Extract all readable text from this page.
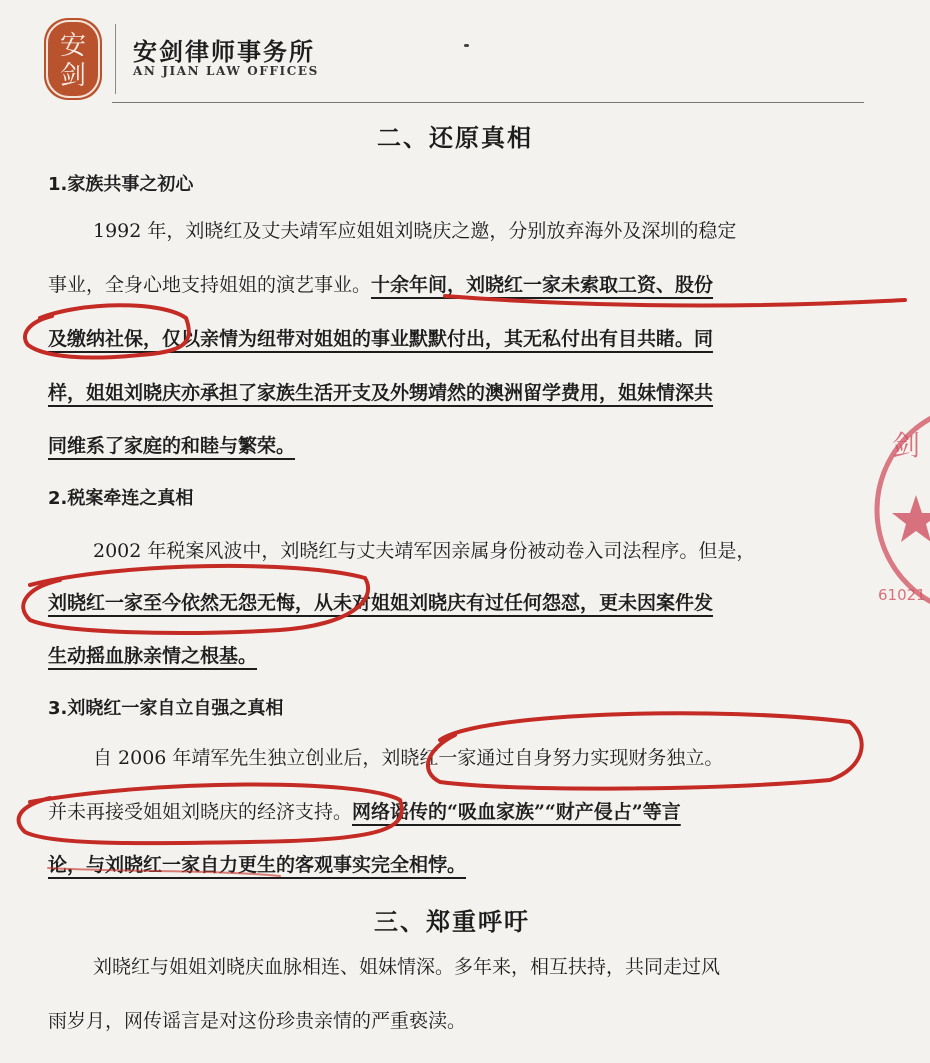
安
剑
安剑律师事务所
AN JIAN LAW OFFICES
二、还原真相
1.家族共事之初心
1992 年，刘晓红及丈夫靖军应姐姐刘晓庆之邀，分别放弃海外及深圳的稳定
事业，全身心地支持姐姐的演艺事业。十余年间，刘晓红一家未索取工资、股份
及缴纳社保，仅以亲情为纽带对姐姐的事业默默付出，其无私付出有目共睹。同
样，姐姐刘晓庆亦承担了家族生活开支及外甥靖然的澳洲留学费用，姐妹情深共
同维系了家庭的和睦与繁荣。
2.税案牵连之真相
2002 年税案风波中，刘晓红与丈夫靖军因亲属身份被动卷入司法程序。但是，
刘晓红一家至今依然无怨无悔，从未对姐姐刘晓庆有过任何怨怼，更未因案件发
生动摇血脉亲情之根基。
3.刘晓红一家自立自强之真相
自 2006 年靖军先生独立创业后，刘晓红一家通过自身努力实现财务独立。
并未再接受姐姐刘晓庆的经济支持。网络谣传的“吸血家族”“财产侵占”等言
论，与刘晓红一家自力更生的客观事实完全相悖。
三、郑重呼吁
刘晓红与姐姐刘晓庆血脉相连、姐妹情深。多年来，相互扶持，共同走过风
雨岁月，网传谣言是对这份珍贵亲情的严重亵渎。
剑
61021
